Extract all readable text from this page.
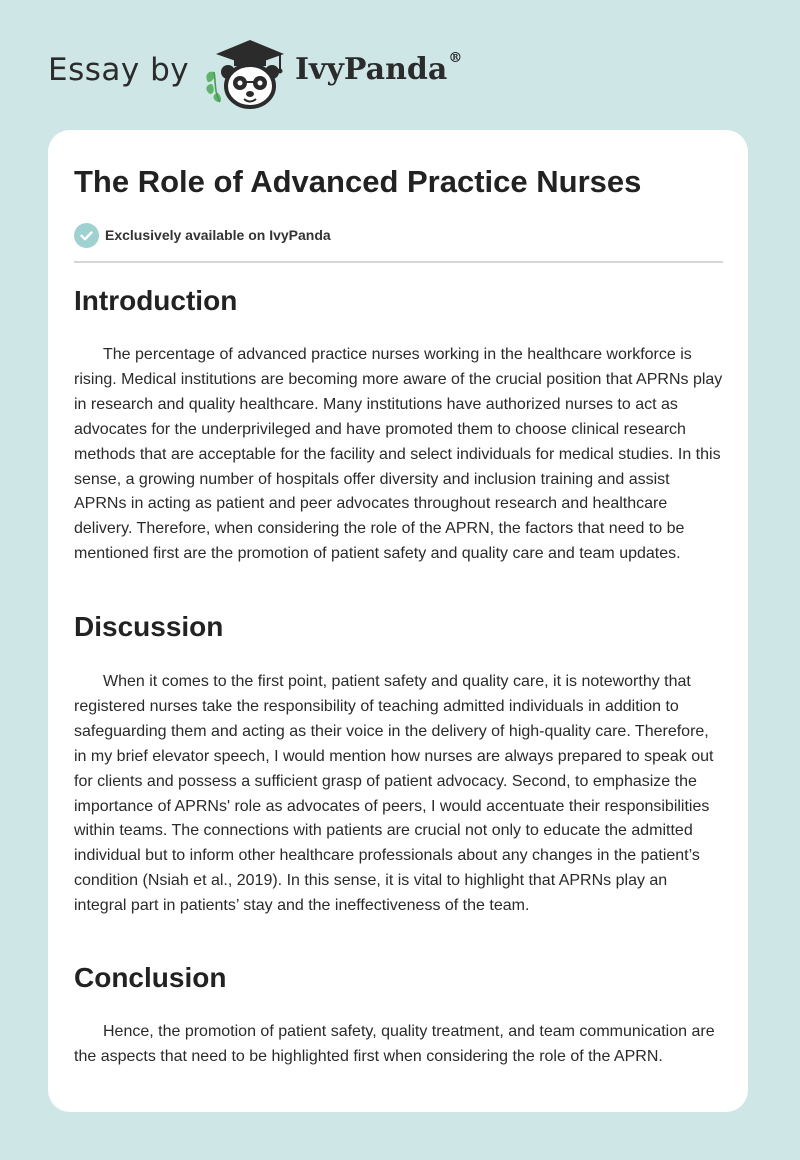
Essay by	IvyPanda®
The Role of Advanced Practice Nurses
Exclusively available on IvyPanda
Introduction

The percentage of advanced practice nurses working in the healthcare workforce is rising. Medical institutions are becoming more aware of the crucial position that APRNs play in research and quality healthcare. Many institutions have authorized nurses to act as advocates for the underprivileged and have promoted them to choose clinical research methods that are acceptable for the facility and select individuals for medical studies. In this sense, a growing number of hospitals offer diversity and inclusion training and assist APRNs in acting as patient and peer advocates throughout research and healthcare delivery. Therefore, when considering the role of the APRN, the factors that need to be mentioned first are the promotion of patient safety and quality care and team updates.

Discussion

When it comes to the first point, patient safety and quality care, it is noteworthy that registered nurses take the responsibility of teaching admitted individuals in addition to safeguarding them and acting as their voice in the delivery of high-quality care. Therefore, in my brief elevator speech, I would mention how nurses are always prepared to speak out for clients and possess a sufficient grasp of patient advocacy. Second, to emphasize the importance of APRNs' role as advocates of peers, I would accentuate their responsibilities within teams. The connections with patients are crucial not only to educate the admitted individual but to inform other healthcare professionals about any changes in the patient’s condition (Nsiah et al., 2019). In this sense, it is vital to highlight that APRNs play an integral part in patients’ stay and the ineffectiveness of the team.

Conclusion

Hence, the promotion of patient safety, quality treatment, and team communication are the aspects that need to be highlighted first when considering the role of the APRN.
